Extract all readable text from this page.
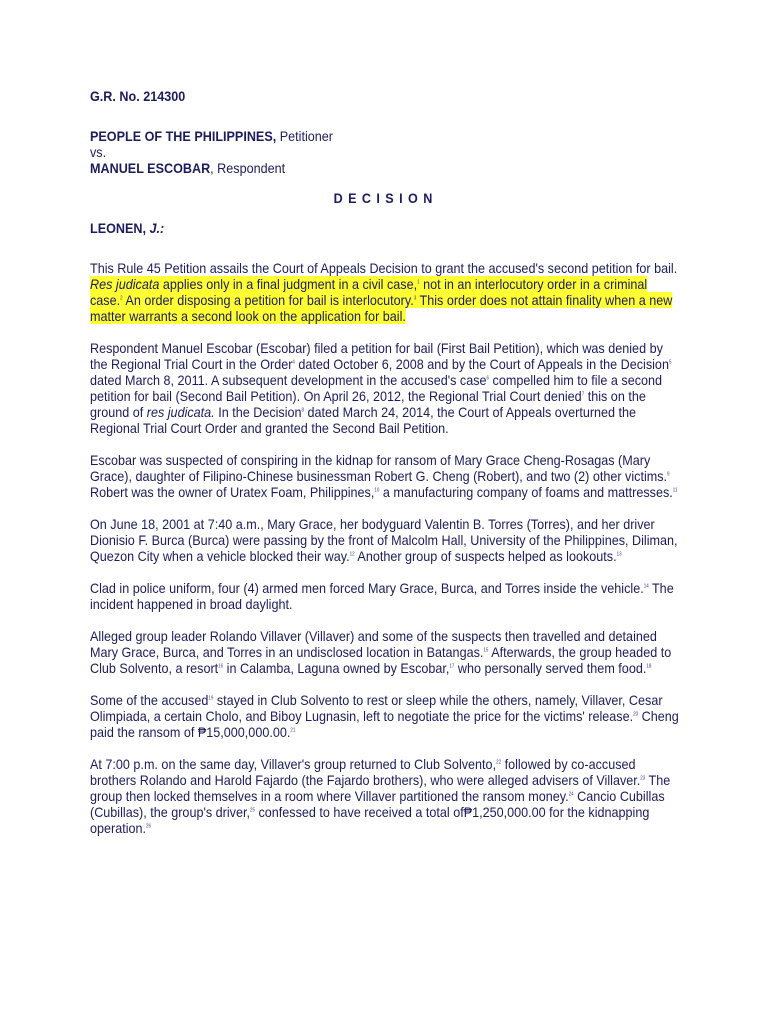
G.R. No. 214300

PEOPLE OF THE PHILIPPINES, Petitioner

vs.

MANUEL ESCOBAR, Respondent

DECISION

LEONEN, J.:

This Rule 45 Petition assails the Court of Appeals Decision to grant the accused's second petition for bail. Res judicata applies only in a final judgment in a civil case,$^1$ not in an interlocutory order in a criminal case.$^2$ An order disposing a petition for bail is interlocutory.$^3$ This order does not attain finality when a new matter warrants a second look on the application for bail.

Respondent Manuel Escobar (Escobar) filed a petition for bail (First Bail Petition), which was denied by the Regional Trial Court in the Order$^4$ dated October 6, 2008 and by the Court of Appeals in the Decision$^5$ dated March 8, 2011. A subsequent development in the accused's case$^6$ compelled him to file a second petition for bail (Second Bail Petition). On April 26, 2012, the Regional Trial Court denied$^7$ this on the ground of res judicata. In the Decision$^8$ dated March 24, 2014, the Court of Appeals overturned the Regional Trial Court Order and granted the Second Bail Petition.

Escobar was suspected of conspiring in the kidnap for ransom of Mary Grace Cheng-Rosagas (Mary Grace), daughter of Filipino-Chinese businessman Robert G. Cheng (Robert), and two (2) other victims.$^9$ Robert was the owner of Uratex Foam, Philippines,$^{10}$ a manufacturing company of foams and mattresses.$^{11}$

On June 18, 2001 at 7:40 a.m., Mary Grace, her bodyguard Valentin B. Torres (Torres), and her driver Dionisio F. Burca (Burca) were passing by the front of Malcolm Hall, University of the Philippines, Diliman, Quezon City when a vehicle blocked their way.$^{12}$ Another group of suspects helped as lookouts.$^{13}$

Clad in police uniform, four (4) armed men forced Mary Grace, Burca, and Torres inside the vehicle.$^{14}$ The incident happened in broad daylight.

Alleged group leader Rolando Villaver (Villaver) and some of the suspects then travelled and detained Mary Grace, Burca, and Torres in an undisclosed location in Batangas.$^{15}$ Afterwards, the group headed to Club Solvento, a resort$^{16}$ in Calamba, Laguna owned by Escobar,$^{17}$ who personally served them food.$^{18}$

Some of the accused$^{19}$ stayed in Club Solvento to rest or sleep while the others, namely, Villaver, Cesar Olimpiada, a certain Cholo, and Biboy Lugnasin, left to negotiate the price for the victims' release.$^{20}$ Cheng paid the ransom of ₱15,000,000.00.21

At 7:00 p.m. on the same day, Villaver's group returned to Club Solvento,$^{22}$ followed by co-accused brothers Rolando and Harold Fajardo (the Fajardo brothers), who were alleged advisers of Villaver.$^{23}$ The group then locked themselves in a room where Villaver partitioned the ransom money.$^{24}$ Cancio Cubillas (Cubillas), the group's driver,$^{25}$ confessed to have received a total of₱1,250,000.00 for the kidnapping operation.$^{26}$
